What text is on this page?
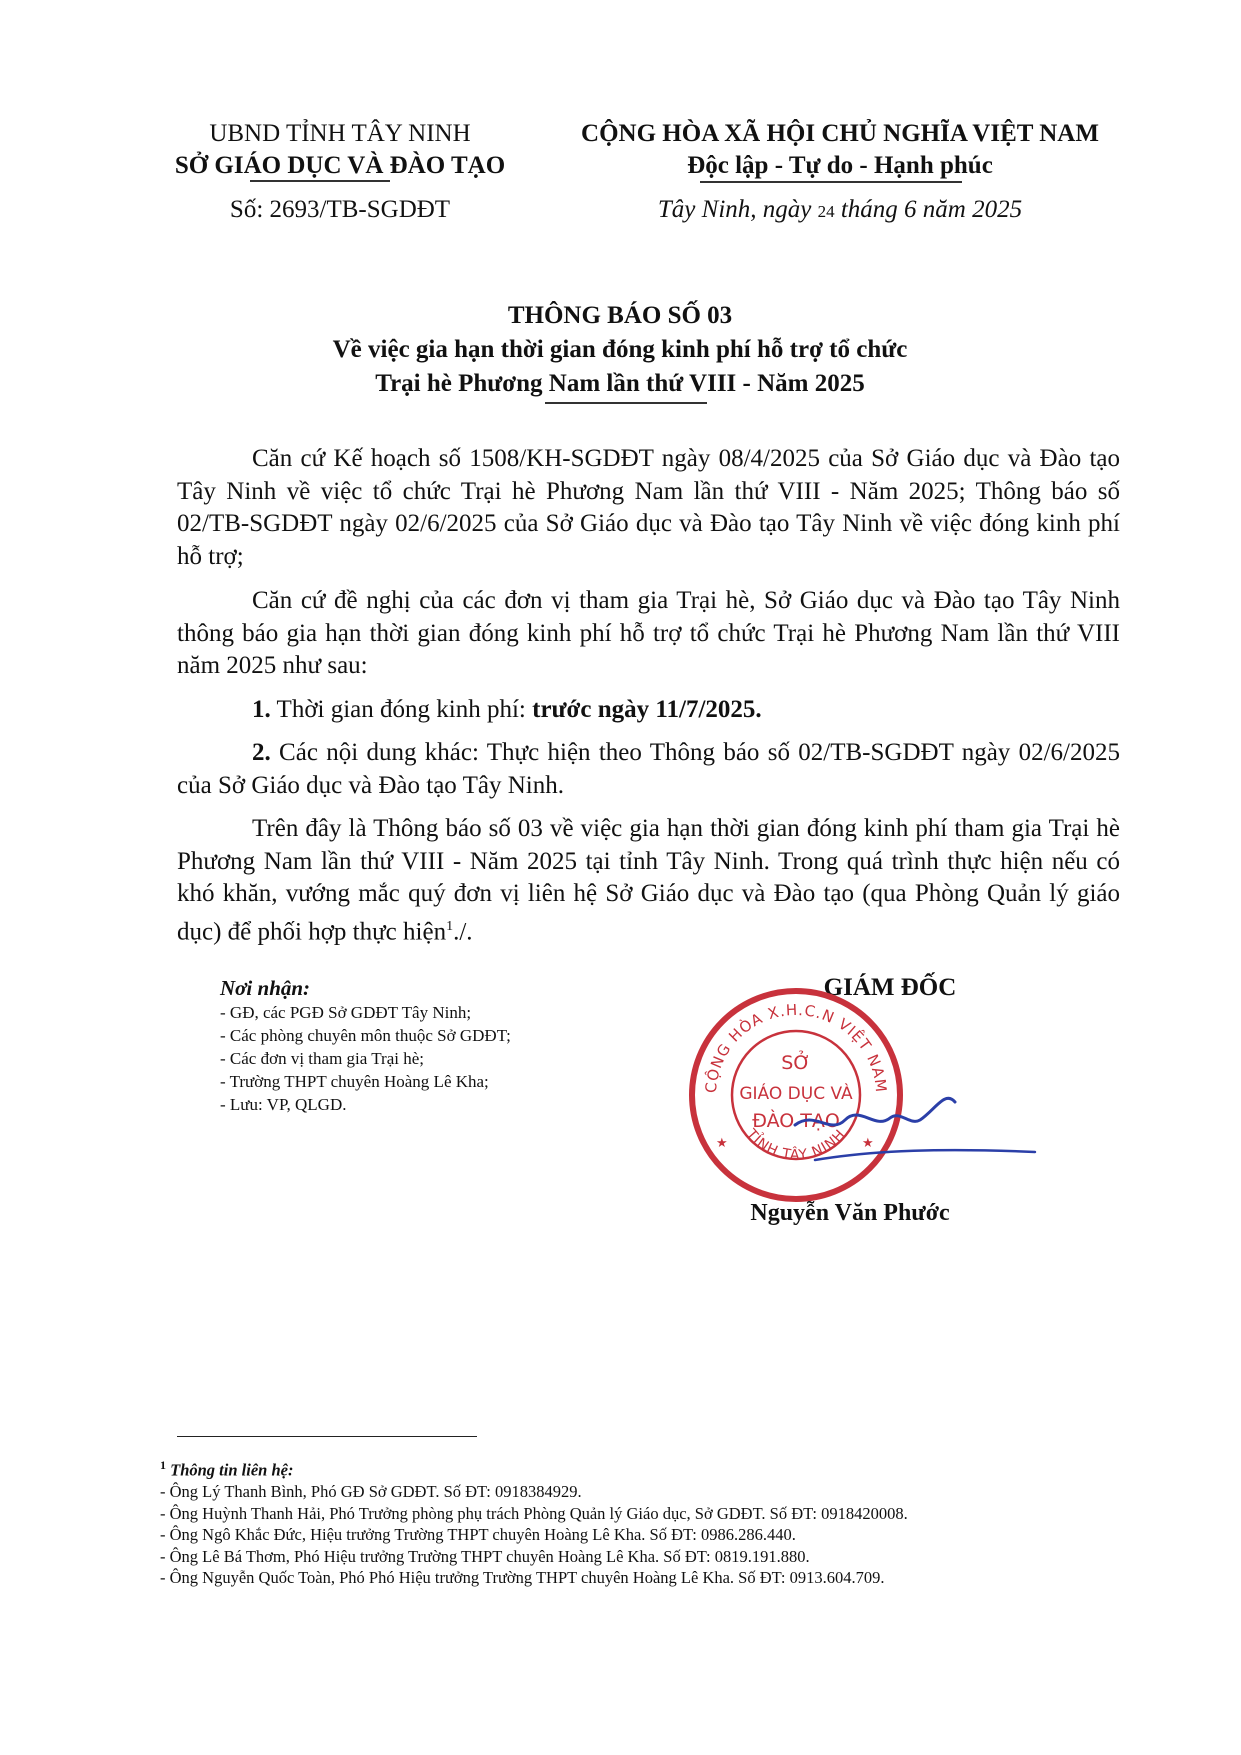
UBND TỈNH TÂY NINH
SỞ GIÁO DỤC VÀ ĐÀO TẠO
Số: 2693/TB-SGDĐT
CỘNG HÒA XÃ HỘI CHỦ NGHĨA VIỆT NAM
Độc lập - Tự do - Hạnh phúc
Tây Ninh, ngày 24 tháng 6 năm 2025
THÔNG BÁO SỐ 03
Về việc gia hạn thời gian đóng kinh phí hỗ trợ tổ chức
Trại hè Phương Nam lần thứ VIII - Năm 2025

Căn cứ Kế hoạch số 1508/KH-SGDĐT ngày 08/4/2025 của Sở Giáo dục và Đào tạo Tây Ninh về việc tổ chức Trại hè Phương Nam lần thứ VIII - Năm 2025; Thông báo số 02/TB-SGDĐT ngày 02/6/2025 của Sở Giáo dục và Đào tạo Tây Ninh về việc đóng kinh phí hỗ trợ;

Căn cứ đề nghị của các đơn vị tham gia Trại hè, Sở Giáo dục và Đào tạo Tây Ninh thông báo gia hạn thời gian đóng kinh phí hỗ trợ tổ chức Trại hè Phương Nam lần thứ VIII năm 2025 như sau:

1. Thời gian đóng kinh phí: trước ngày 11/7/2025.

2. Các nội dung khác: Thực hiện theo Thông báo số 02/TB-SGDĐT ngày 02/6/2025 của Sở Giáo dục và Đào tạo Tây Ninh.

Trên đây là Thông báo số 03 về việc gia hạn thời gian đóng kinh phí tham gia Trại hè Phương Nam lần thứ VIII - Năm 2025 tại tỉnh Tây Ninh. Trong quá trình thực hiện nếu có khó khăn, vướng mắc quý đơn vị liên hệ Sở Giáo dục và Đào tạo (qua Phòng Quản lý giáo dục) để phối hợp thực hiện$^1$./.

Nơi nhận:
- GĐ, các PGĐ Sở GDĐT Tây Ninh;
- Các phòng chuyên môn thuộc Sở GDĐT;
- Các đơn vị tham gia Trại hè;
- Trường THPT chuyên Hoàng Lê Kha;
- Lưu: VP, QLGD.
GIÁM ĐỐC
CỘNG HÒA X.H.C.N VIỆT NAM
TỈNH TÂY NINH
SỞ
GIÁO DỤC VÀ
ĐÀO TẠO
★	★
Nguyễn Văn Phước
$^1$ Thông tin liên hệ:
- Ông Lý Thanh Bình, Phó GĐ Sở GDĐT. Số ĐT: 0918384929.
- Ông Huỳnh Thanh Hải, Phó Trưởng phòng phụ trách Phòng Quản lý Giáo dục, Sở GDĐT. Số ĐT: 0918420008.
- Ông Ngô Khắc Đức, Hiệu trưởng Trường THPT chuyên Hoàng Lê Kha. Số ĐT: 0986.286.440.
- Ông Lê Bá Thơm, Phó Hiệu trưởng Trường THPT chuyên Hoàng Lê Kha. Số ĐT: 0819.191.880.
- Ông Nguyễn Quốc Toàn, Phó Phó Hiệu trưởng Trường THPT chuyên Hoàng Lê Kha. Số ĐT: 0913.604.709.
